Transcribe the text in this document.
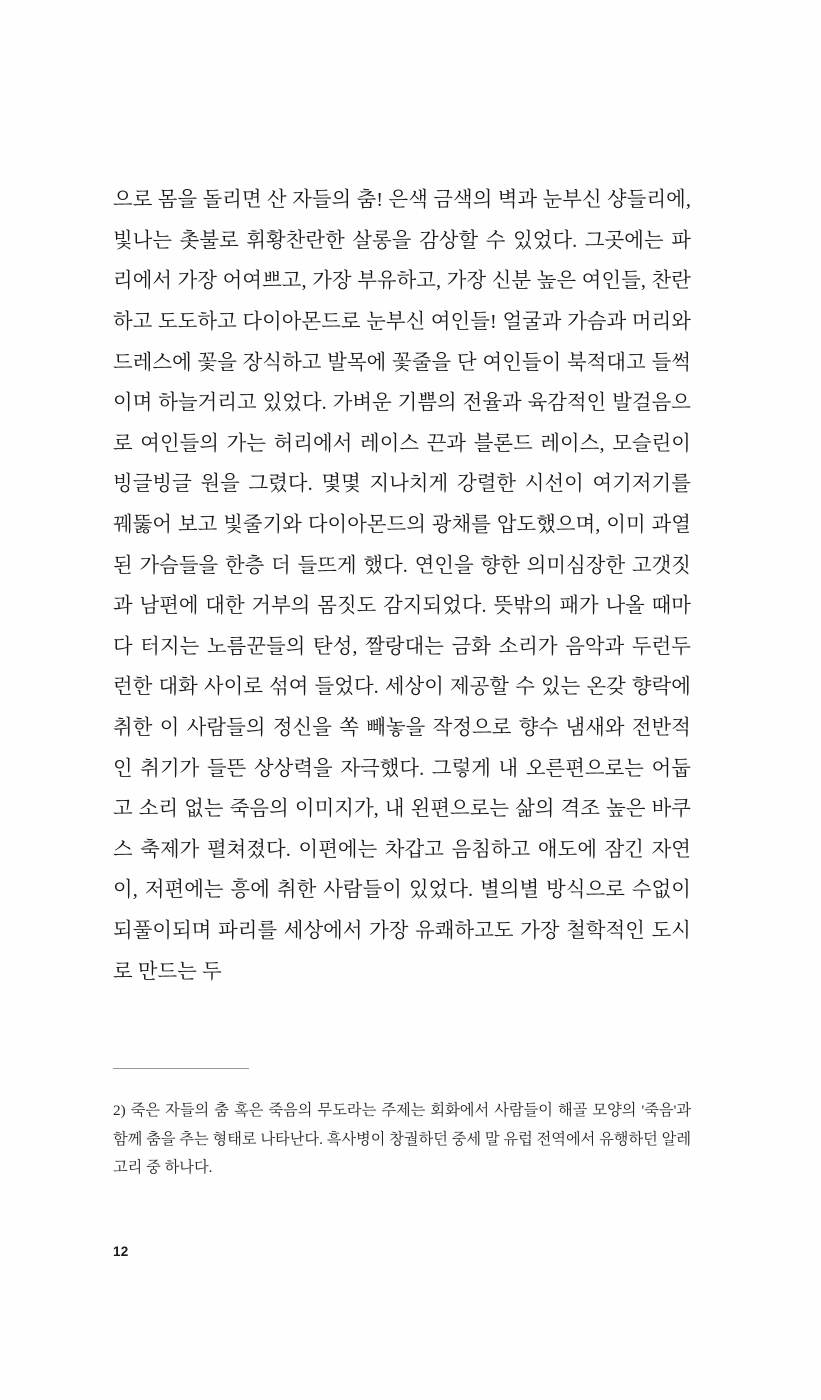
으로 몸을 돌리면 산 자들의 춤! 은색 금색의 벽과 눈부신 샹들리에, 빛나는 촛불로 휘황찬란한 살롱을 감상할 수 있었다. 그곳에는 파리에서 가장 어여쁘고, 가장 부유하고, 가장 신분 높은 여인들, 찬란하고 도도하고 다이아몬드로 눈부신 여인들! 얼굴과 가슴과 머리와 드레스에 꽃을 장식하고 발목에 꽃줄을 단 여인들이 북적대고 들썩이며 하늘거리고 있었다. 가벼운 기쁨의 전율과 육감적인 발걸음으로 여인들의 가는 허리에서 레이스 끈과 블론드 레이스, 모슬린이 빙글빙글 원을 그렸다. 몇몇 지나치게 강렬한 시선이 여기저기를 꿰뚫어 보고 빛줄기와 다이아몬드의 광채를 압도했으며, 이미 과열된 가슴들을 한층 더 들뜨게 했다. 연인을 향한 의미심장한 고갯짓과 남편에 대한 거부의 몸짓도 감지되었다. 뜻밖의 패가 나올 때마다 터지는 노름꾼들의 탄성, 짤랑대는 금화 소리가 음악과 두런두런한 대화 사이로 섞여 들었다. 세상이 제공할 수 있는 온갖 향락에 취한 이 사람들의 정신을 쏙 빼놓을 작정으로 향수 냄새와 전반적인 취기가 들뜬 상상력을 자극했다. 그렇게 내 오른편으로는 어둡고 소리 없는 죽음의 이미지가, 내 왼편으로는 삶의 격조 높은 바쿠스 축제가 펼쳐졌다. 이편에는 차갑고 음침하고 애도에 잠긴 자연이, 저편에는 흥에 취한 사람들이 있었다. 별의별 방식으로 수없이 되풀이되며 파리를 세상에서 가장 유쾌하고도 가장 철학적인 도시로 만드는 두

2) 죽은 자들의 춤 혹은 죽음의 무도라는 주제는 회화에서 사람들이 해골 모양의 '죽음'과 함께 춤을 추는 형태로 나타난다. 흑사병이 창궐하던 중세 말 유럽 전역에서 유행하던 알레고리 중 하나다.

12
